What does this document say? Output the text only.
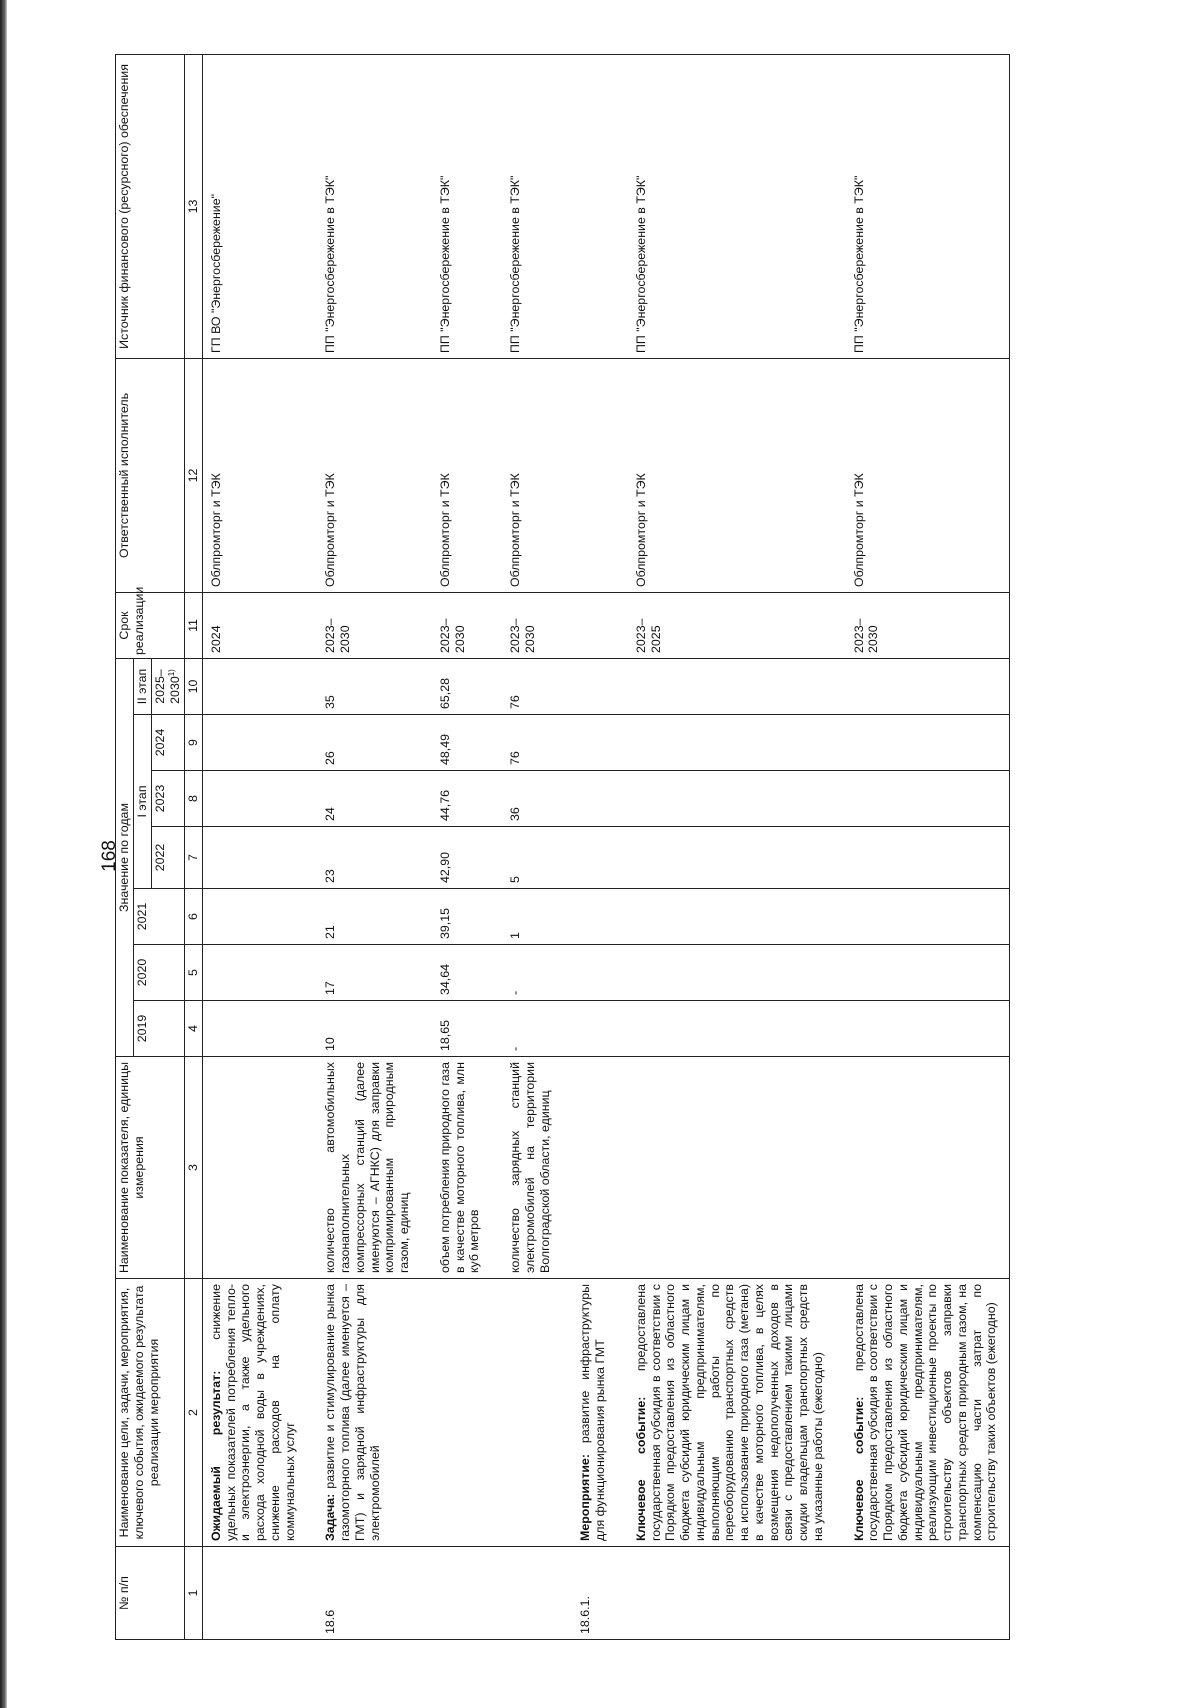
168
№ п/п	Наименование цели, задачи, мероприятия, ключевого события, ожидаемого результата реализации мероприятия	Наименование показателя, единицы измерения	Значение по годам							Срок реализации	Ответственный исполнитель	Источник финансового (ресурсного) обеспечения
			2019	2020	2021	I этап			II этап			
						2022	2023	2024	2025–2030$^{1)}$
1	2	3	4	5	6	7	8	9	10	11	12	13
	Ожидаемый результат: снижение удельных показателей потребления тепло- и электроэнергии, а также удельного расхода холодной воды в учреждениях, снижение расходов на оплату коммунальных услуг									2024	Облпромторг и ТЭК	ГП ВО "Энергосбережение"

18.6	Задача: развитие и стимулирование рынка газомоторного топлива (далее именуется – ГМТ) и зарядной инфраструктуры для электромобилей	количество автомобильных газонаполнительных компрессорных станций (далее именуются – АГНКС) для заправки компримированным природным газом, единиц	10	17	21	23	24	26	35	2023–2030	Облпромторг и ТЭК	ПП "Энергосбережение в ТЭК"

		объем потребления природного газа в качестве моторного топлива, млн куб метров	18,65	34,64	39,15	42,90	44,76	48,49	65,28	2023–2030	Облпромторг и ТЭК	ПП "Энергосбережение в ТЭК"

		количество зарядных станций электромобилей на территории Волгоградской области, единиц	-	-	1	5	36	76	76	2023–2030	Облпромторг и ТЭК	ПП "Энергосбережение в ТЭК"

18.6.1.	Мероприятие: развитие инфраструктуры для функционирования рынка ГМТ											

	Ключевое событие: предоставлена государственная субсидия в соответствии с Порядком предоставления из областного бюджета субсидий юридическим лицам и индивидуальным предпринимателям, выполняющим работы по переоборудованию транспортных средств на использование природного газа (метана) в качестве моторного топлива, в целях возмещения недополученных доходов в связи с предоставлением такими лицами скидки владельцам транспортных средств на указанные работы (ежегодно)									2023–2025	Облпромторг и ТЭК	ПП "Энергосбережение в ТЭК"

	Ключевое событие: предоставлена государственная субсидия в соответствии с Порядком предоставления из областного бюджета субсидий юридическим лицам и индивидуальным предпринимателям, реализующим инвестиционные проекты по строительству объектов заправки транспортных средств природным газом, на компенсацию части затрат по строительству таких объектов (ежегодно)									2023–2030	Облпромторг и ТЭК	ПП "Энергосбережение в ТЭК"
